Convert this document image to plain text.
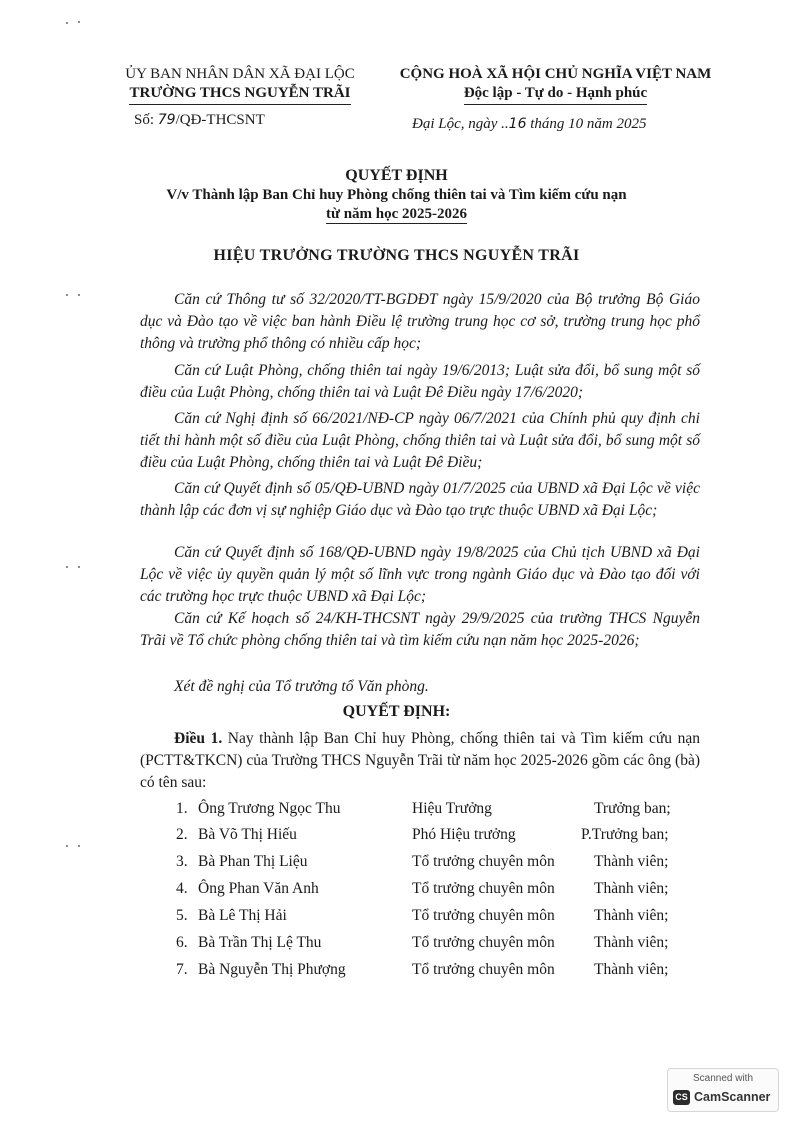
ỦY BAN NHÂN DÂN XÃ ĐẠI LỘC
TRƯỜNG THCS NGUYỄN TRÃI
Số: 79/QĐ-THCSNT
CỘNG HOÀ XÃ HỘI CHỦ NGHĨA VIỆT NAM
Độc lập - Tự do - Hạnh phúc
Đại Lộc, ngày ..16 tháng 10 năm 2025
QUYẾT ĐỊNH
V/v Thành lập Ban Chỉ huy Phòng chống thiên tai và Tìm kiếm cứu nạn
từ năm học 2025-2026
HIỆU TRƯỞNG TRƯỜNG THCS NGUYỄN TRÃI
Căn cứ Thông tư số 32/2020/TT-BGDĐT ngày 15/9/2020 của Bộ trưởng Bộ Giáo dục và Đào tạo về việc ban hành Điều lệ trường trung học cơ sở, trường trung học phổ thông và trường phổ thông có nhiều cấp học;
Căn cứ Luật Phòng, chống thiên tai ngày 19/6/2013; Luật sửa đổi, bổ sung một số điều của Luật Phòng, chống thiên tai và Luật Đê Điều ngày 17/6/2020;
Căn cứ Nghị định số 66/2021/NĐ-CP ngày 06/7/2021 của Chính phủ quy định chi tiết thi hành một số điều của Luật Phòng, chống thiên tai và Luật sửa đổi, bổ sung một số điều của Luật Phòng, chống thiên tai và Luật Đê Điều;
Căn cứ Quyết định số 05/QĐ-UBND ngày 01/7/2025 của UBND xã Đại Lộc về việc thành lập các đơn vị sự nghiệp Giáo dục và Đào tạo trực thuộc UBND xã Đại Lộc;
Căn cứ Quyết định số 168/QĐ-UBND ngày 19/8/2025 của Chủ tịch UBND xã Đại Lộc về việc ủy quyền quản lý một số lĩnh vực trong ngành Giáo dục và Đào tạo đối với các trường học trực thuộc UBND xã Đại Lộc;
Căn cứ Kế hoạch số 24/KH-THCSNT ngày 29/9/2025 của trường THCS Nguyễn Trãi về Tổ chức phòng chống thiên tai và tìm kiếm cứu nạn năm học 2025-2026;
Xét đề nghị của Tổ trưởng tổ Văn phòng.
QUYẾT ĐỊNH:
Điều 1. Nay thành lập Ban Chỉ huy Phòng, chống thiên tai và Tìm kiếm cứu nạn (PCTT&TKCN) của Trường THCS Nguyễn Trãi từ năm học 2025-2026 gồm các ông (bà) có tên sau:
1. Ông Trương Ngọc Thu	Hiệu Trưởng	Trưởng ban;
2. Bà Võ Thị Hiếu	Phó Hiệu trưởng	P.Trưởng ban;
3. Bà Phan Thị Liệu	Tổ trưởng chuyên môn	Thành viên;
4. Ông Phan Văn Anh	Tổ trưởng chuyên môn	Thành viên;
5. Bà Lê Thị Hải	Tổ trưởng chuyên môn	Thành viên;
6. Bà Trần Thị Lệ Thu	Tổ trưởng chuyên môn	Thành viên;
7. Bà Nguyễn Thị Phượng	Tổ trưởng chuyên môn	Thành viên;
Scanned with
CS CamScanner
